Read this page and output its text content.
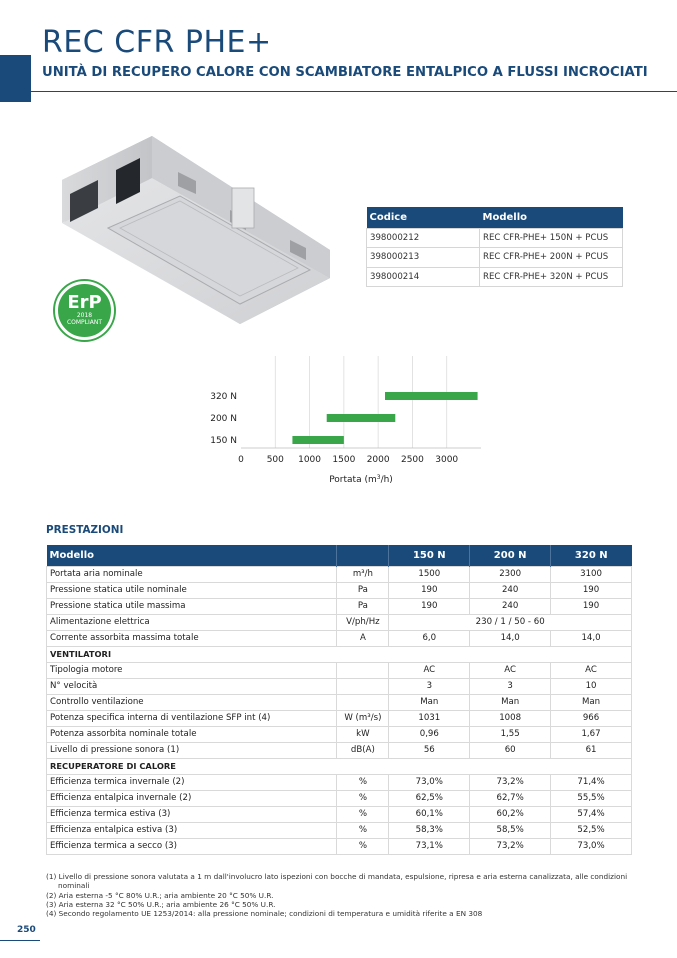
REC CFR PHE+
UNITÀ DI RECUPERO CALORE CON SCAMBIATORE ENTALPICO A FLUSSI INCROCIATI
ErP
2018
COMPLIANT
Codice	Modello
398000212	REC CFR-PHE+ 150N + PCUS
398000213	REC CFR-PHE+ 200N + PCUS
398000214	REC CFR-PHE+ 320N + PCUS
0	500 1000 1500 2000 2500 3000
320 N
200 N
150 N
Portata $(m^3/h)$
PRESTAZIONI
Modello		150 N	200 N	320 N
Portata aria nominale	m³/h	1500	2300	3100
Pressione statica utile nominale	Pa	190	240	190
Pressione statica utile massima	Pa	190	240	190
Alimentazione elettrica	V/ph/Hz	230 / 1 / 50 - 60		
Corrente assorbita massima totale	A	6,0	14,0	14,0
VENTILATORI				
Tipologia motore		AC	AC	AC
N° velocità		3	3	10
Controllo ventilazione		Man	Man	Man
Potenza specifica interna di ventilazione SFP int (4)	W (m³/s)	1031	1008	966
Potenza assorbita nominale totale	kW	0,96	1,55	1,67
Livello di pressione sonora (1)	dB(A)	56	60	61
RECUPERATORE DI CALORE				
Efficienza termica invernale (2)	%	73,0%	73,2%	71,4%
Efficienza entalpica invernale (2)	%	62,5%	62,7%	55,5%
Efficienza termica estiva (3)	%	60,1%	60,2%	57,4%
Efficienza entalpica estiva (3)	%	58,3%	58,5%	52,5%
Efficienza termica a secco (3)	%	73,1%	73,2%	73,0%

(1) Livello di pressione sonora valutata a 1 m dall'involucro lato ispezioni con bocche di mandata, espulsione, ripresa e aria esterna canalizzata, alle condizioni nominali

(2) Aria esterna -5 °C 80% U.R.; aria ambiente 20 °C 50% U.R.

(3) Aria esterna 32 °C 50% U.R.; aria ambiente 26 °C 50% U.R.

(4) Secondo regolamento UE 1253/2014: alla pressione nominale; condizioni di temperatura e umidità riferite a EN 308

250
